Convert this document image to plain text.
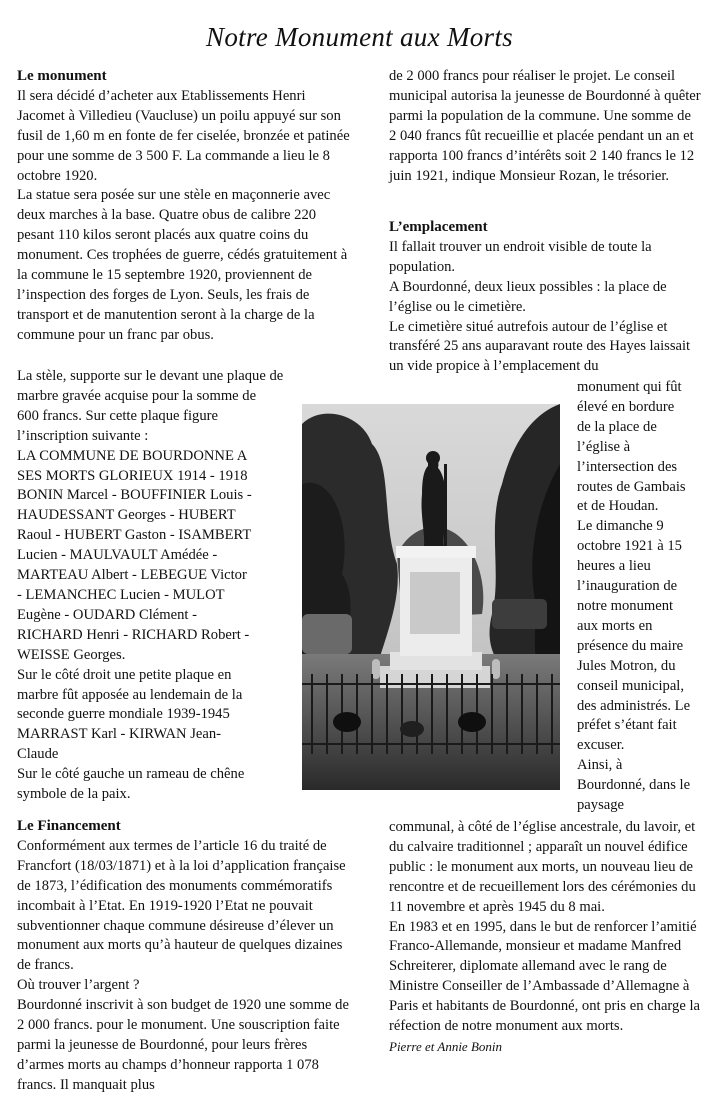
Notre Monument aux Morts
Le monument

Il sera décidé d’acheter aux Etablissements Henri Jacomet à Villedieu (Vaucluse) un poilu appuyé sur son fusil de 1,60 m en fonte de fer ciselée, bronzée et patinée pour une somme de 3 500 F. La commande a lieu le 8 octobre 1920.

La statue sera posée sur une stèle en maçonnerie avec deux marches à la base. Quatre obus de calibre 220 pesant 110 kilos seront placés aux quatre coins du monument. Ces trophées de guerre, cédés gratuitement à la commune le 15 septembre 1920, proviennent de l’inspection des forges de Lyon. Seuls, les frais de transport et de manutention seront à la charge de la commune pour un franc par obus.

La stèle, supporte sur le devant une plaque de
marbre gravée acquise pour la somme de
600 francs. Sur cette plaque figure
l’inscription suivante :
LA COMMUNE DE BOURDONNE A
SES MORTS GLORIEUX 1914 - 1918
BONIN Marcel - BOUFFINIER Louis -
HAUDESSANT Georges - HUBERT
Raoul - HUBERT Gaston - ISAMBERT
Lucien - MAULVAULT Amédée -
MARTEAU Albert - LEBEGUE Victor
- LEMANCHEC Lucien - MULOT
Eugène - OUDARD Clément -
RICHARD Henri - RICHARD Robert -
WEISSE Georges.
Sur le côté droit une petite plaque en
marbre fût apposée au lendemain de la
seconde guerre mondiale 1939-1945
MARRAST Karl - KIRWAN Jean-
Claude
Sur le côté gauche un rameau de chêne
symbole de la paix.
Le Financement

Conformément aux termes de l’article 16 du traité de Francfort (18/03/1871) et à la loi d’application française de 1873, l’édification des monuments commémoratifs incombait à l’Etat. En 1919-1920 l’Etat ne pouvait subventionner chaque commune désireuse d’élever un monument aux morts qu’à hauteur de quelques dizaines de francs.

Où trouver l’argent ?

Bourdonné inscrivit à son budget de 1920 une somme de 2 000 francs. pour le monument. Une souscription faite parmi la jeunesse de Bourdonné, pour leurs frères d’armes morts au champs d’honneur rapporta 1 078 francs. Il manquait plus

de 2 000 francs pour réaliser le projet. Le conseil municipal autorisa la jeunesse de Bourdonné à quêter parmi la population de la commune. Une somme de 2 040 francs fût recueillie et placée pendant un an et rapporta 100 francs d’intérêts soit 2 140 francs le 12 juin 1921, indique Monsieur Rozan, le trésorier.

L’emplacement

Il fallait trouver un endroit visible de toute la population.

A Bourdonné, deux lieux possibles : la place de l’église ou le cimetière.

Le cimetière situé autrefois autour de l’église et transféré 25 ans auparavant route des Hayes laissait un vide propice à l’emplacement du

monument qui fût
élevé en bordure
de la place de
l’église à
l’intersection des
routes de Gambais
et de Houdan.
Le dimanche 9
octobre 1921 à 15
heures a lieu
l’inauguration de
notre monument
aux morts en
présence du maire
Jules Motron, du
conseil municipal,
des administrés. Le
préfet s’étant fait
excuser.
Ainsi, à
Bourdonné, dans le
paysage

communal, à côté de l’église ancestrale, du lavoir, et du calvaire traditionnel ; apparaît un nouvel édifice public : le monument aux morts, un nouveau lieu de rencontre et de recueillement lors des cérémonies du 11 novembre et après 1945 du 8 mai.

En 1983 et en 1995, dans le but de renforcer l’amitié Franco-Allemande, monsieur et madame Manfred Schreiterer, diplomate allemand avec le rang de Ministre Conseiller de l’Ambassade d’Allemagne à Paris et habitants de Bourdonné, ont pris en charge la réfection de notre monument aux morts.

Pierre et Annie Bonin
